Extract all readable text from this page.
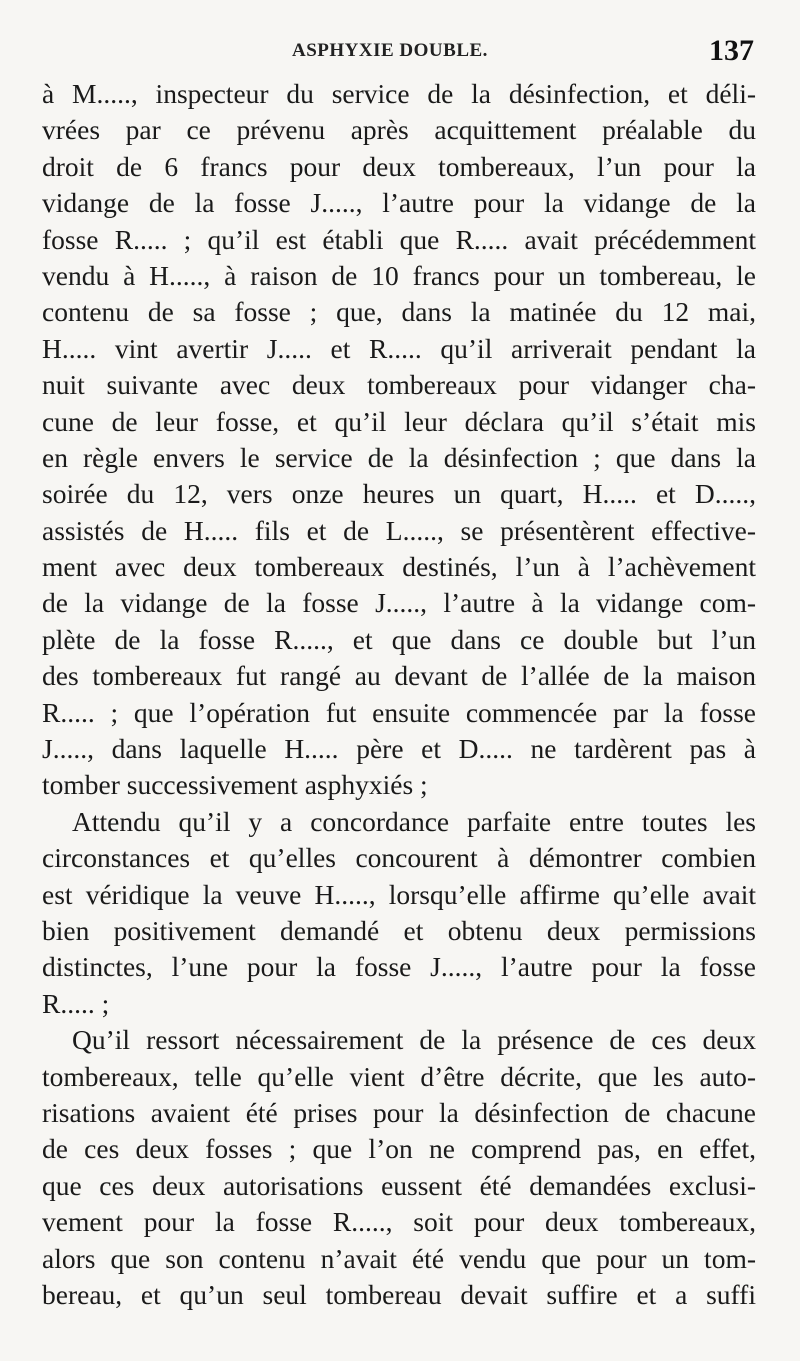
ASPHYXIE DOUBLE.	137
à M....., inspecteur du service de la désinfection, et déli-
vrées par ce prévenu après acquittement préalable du
droit de 6 francs pour deux tombereaux, l’un pour la
vidange de la fosse J....., l’autre pour la vidange de la
fosse R..... ; qu’il est établi que R..... avait précédemment
vendu à H....., à raison de 10 francs pour un tombereau, le
contenu de sa fosse ; que, dans la matinée du 12 mai,
H..... vint avertir J..... et R..... qu’il arriverait pendant la
nuit suivante avec deux tombereaux pour vidanger cha-
cune de leur fosse, et qu’il leur déclara qu’il s’était mis
en règle envers le service de la désinfection ; que dans la
soirée du 12, vers onze heures un quart, H..... et D.....,
assistés de H..... fils et de L....., se présentèrent effective-
ment avec deux tombereaux destinés, l’un à l’achèvement
de la vidange de la fosse J....., l’autre à la vidange com-
plète de la fosse R....., et que dans ce double but l’un
des tombereaux fut rangé au devant de l’allée de la maison
R..... ; que l’opération fut ensuite commencée par la fosse
J....., dans laquelle H..... père et D..... ne tardèrent pas à
tomber successivement asphyxiés ;
Attendu qu’il y a concordance parfaite entre toutes les
circonstances et qu’elles concourent à démontrer combien
est véridique la veuve H....., lorsqu’elle affirme qu’elle avait
bien positivement demandé et obtenu deux permissions
distinctes, l’une pour la fosse J....., l’autre pour la fosse
R..... ;
Qu’il ressort nécessairement de la présence de ces deux
tombereaux, telle qu’elle vient d’être décrite, que les auto-
risations avaient été prises pour la désinfection de chacune
de ces deux fosses ; que l’on ne comprend pas, en effet,
que ces deux autorisations eussent été demandées exclusi-
vement pour la fosse R....., soit pour deux tombereaux,
alors que son contenu n’avait été vendu que pour un tom-
bereau, et qu’un seul tombereau devait suffire et a suffi
